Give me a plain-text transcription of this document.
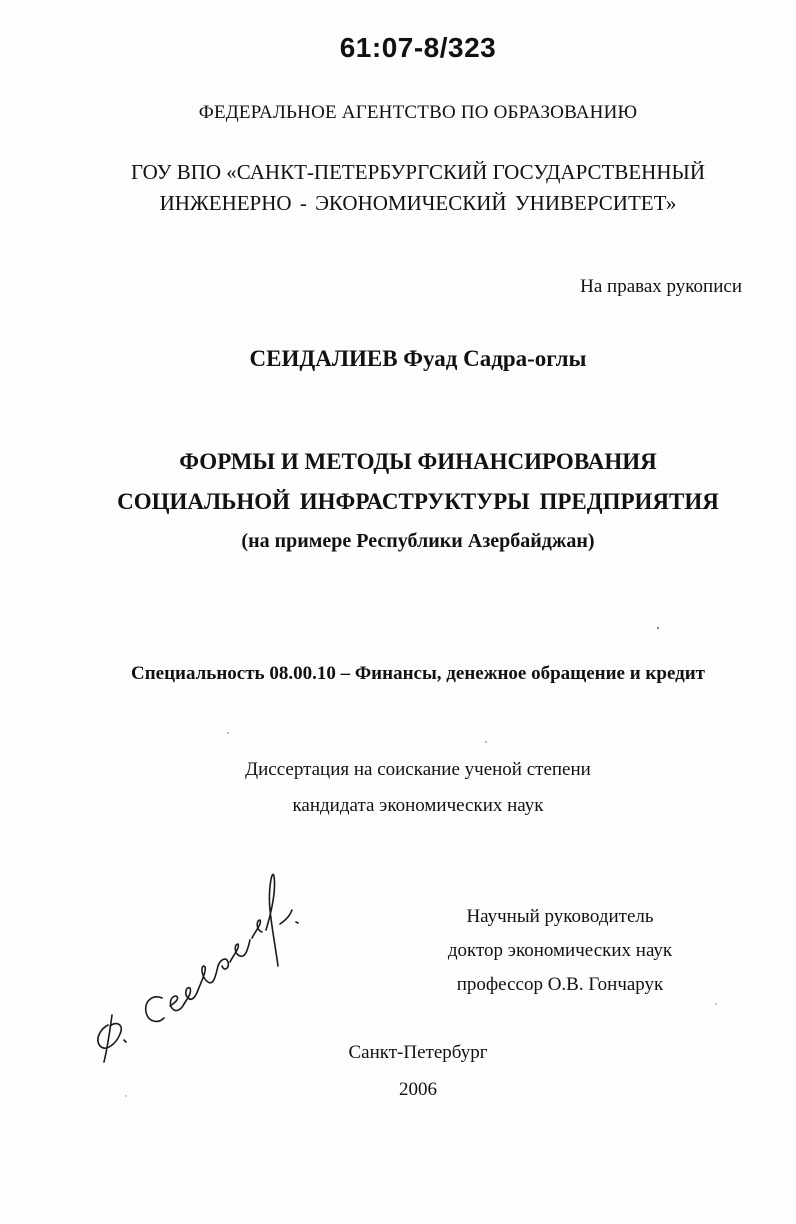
61:07-8/323
ФЕДЕРАЛЬНОЕ АГЕНТСТВО ПО ОБРАЗОВАНИЮ
ГОУ ВПО «САНКТ-ПЕТЕРБУРГСКИЙ ГОСУДАРСТВЕННЫЙ
ИНЖЕНЕРНО - ЭКОНОМИЧЕСКИЙ УНИВЕРСИТЕТ»
На правах рукописи
СЕИДАЛИЕВ Фуад Садра-оглы
ФОРМЫ И МЕТОДЫ ФИНАНСИРОВАНИЯ
СОЦИАЛЬНОЙ ИНФРАСТРУКТУРЫ ПРЕДПРИЯТИЯ
(на примере Республики Азербайджан)
Специальность 08.00.10 – Финансы, денежное обращение и кредит
Диссертация на соискание ученой степени
кандидата экономических наук
Научный руководитель
доктор экономических наук
профессор О.В. Гончарук
Санкт-Петербург
2006
